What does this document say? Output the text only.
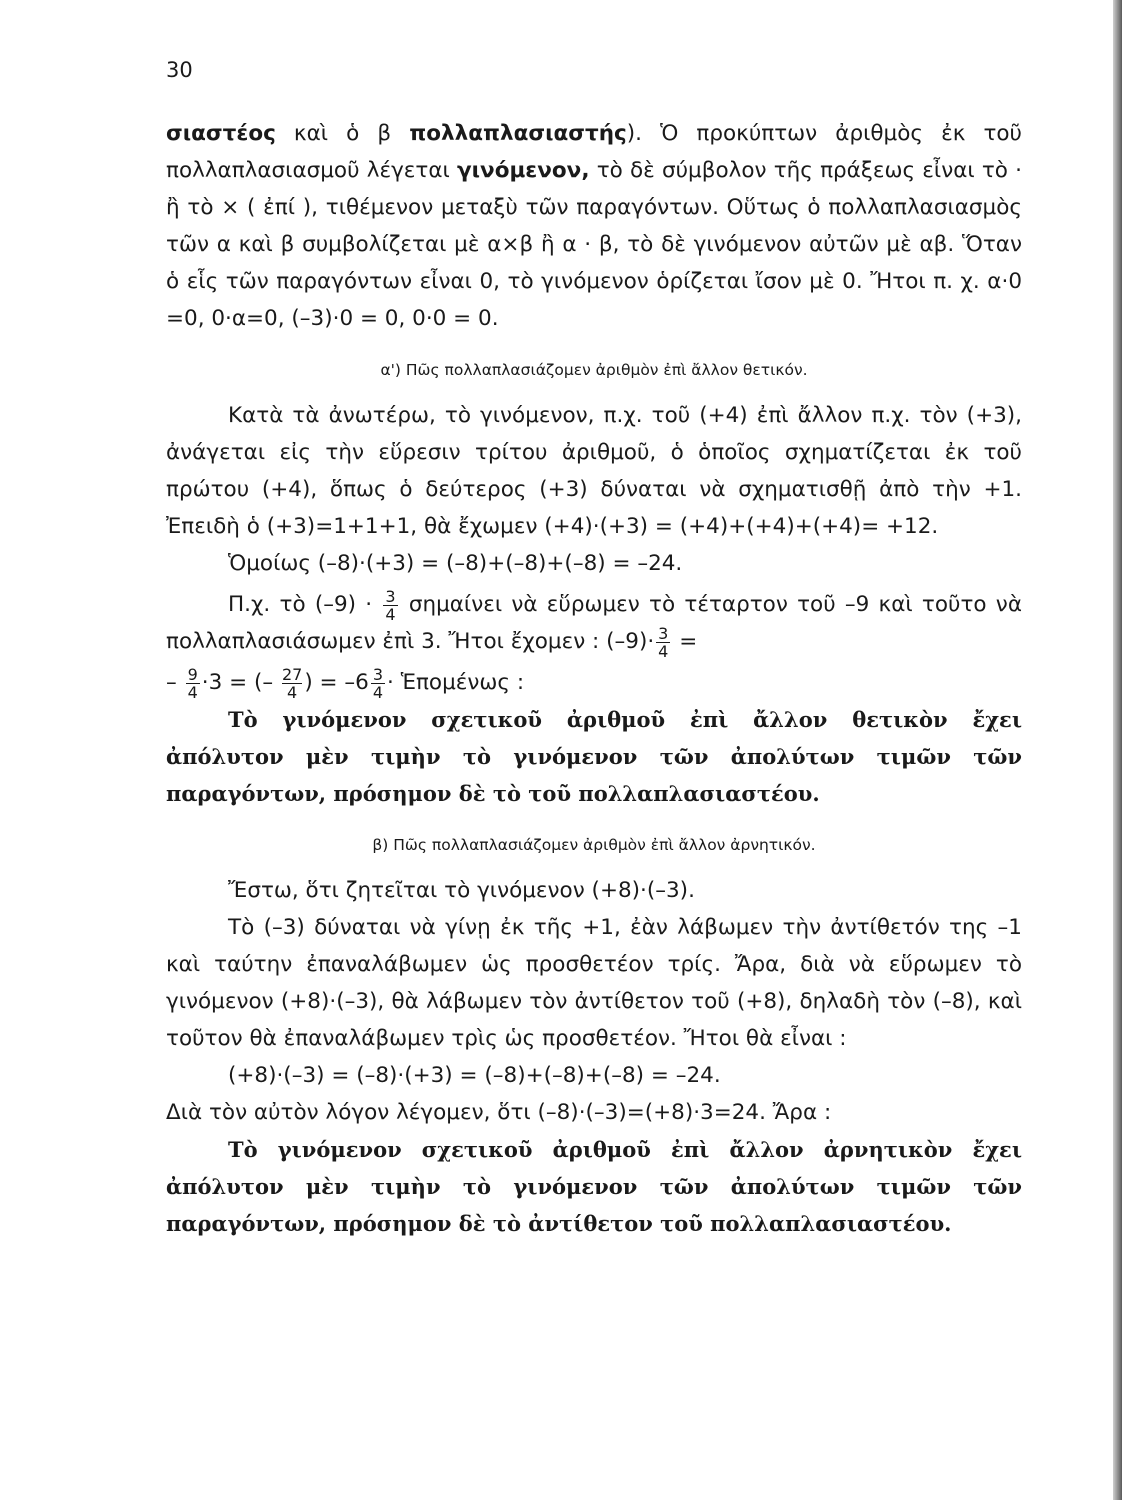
30

σιαστέος καὶ ὁ β πολλαπλασιαστής). Ὁ προκύπτων ἀριθμὸς ἐκ τοῦ πολλαπλασιασμοῦ λέγεται γινόμενον, τὸ δὲ σύμβολον τῆς πράξεως εἶναι τὸ · ἢ τὸ × ( ἐπί ), τιθέμενον μεταξὺ τῶν παραγόντων. Οὕτως ὁ πολλαπλασιασμὸς τῶν α καὶ β συμβολίζεται μὲ α×β ἢ α · β, τὸ δὲ γινόμενον αὐτῶν μὲ αβ. Ὅταν ὁ εἷς τῶν παραγόντων εἶναι 0, τὸ γινόμενον ὁρίζεται ἴσον μὲ 0. Ἤτοι π. χ. α·0 =0, 0·α=0, (–3)·0 = 0, 0·0 = 0.

α') Πῶς πολλαπλασιάζομεν ἀριθμὸν ἐπὶ ἄλλον θετικόν.

Κατὰ τὰ ἀνωτέρω, τὸ γινόμενον, π.χ. τοῦ (+4) ἐπὶ ἄλλον π.χ. τὸν (+3), ἀνάγεται εἰς τὴν εὕρεσιν τρίτου ἀριθμοῦ, ὁ ὁποῖος σχηματίζεται ἐκ τοῦ πρώτου (+4), ὅπως ὁ δεύτερος (+3) δύναται νὰ σχηματισθῇ ἀπὸ τὴν +1. Ἐπειδὴ ὁ (+3)=1+1+1, θὰ ἔχωμεν (+4)·(+3) = (+4)+(+4)+(+4)= +12.

Ὁμοίως (–8)·(+3) = (–8)+(–8)+(–8) = –24.

Π.χ. τὸ $(-9) \cdot \frac{3}{4}$ σημαίνει νὰ εὕρωμεν τὸ τέταρτον τοῦ –9 καὶ τοῦτο νὰ πολλαπλασιάσωμεν ἐπὶ 3. Ἤτοι ἔχομεν : $(-9)\cdot \frac{3}{4}$ =

– $\frac{9}{4} \cdot 3$ = (– $\frac{27}{4}$ ) = $-6 \frac{3}{4}$ · Ἑπομένως :

Τὸ γινόμενον σχετικοῦ ἀριθμοῦ ἐπὶ ἄλλον θετικὸν ἔχει ἀπόλυτον μὲν τιμὴν τὸ γινόμενον τῶν ἀπολύτων τιμῶν τῶν παραγόντων, πρόσημον δὲ τὸ τοῦ πολλαπλασιαστέου.

β) Πῶς πολλαπλασιάζομεν ἀριθμὸν ἐπὶ ἄλλον ἀρνητικόν.

Ἔστω, ὅτι ζητεῖται τὸ γινόμενον (+8)·(–3).

Τὸ (–3) δύναται νὰ γίνῃ ἐκ τῆς +1, ἐὰν λάβωμεν τὴν ἀντίθετόν της –1 καὶ ταύτην ἐπαναλάβωμεν ὡς προσθετέον τρίς. Ἄρα, διὰ νὰ εὕρωμεν τὸ γινόμενον (+8)·(–3), θὰ λάβωμεν τὸν ἀντίθετον τοῦ (+8), δηλαδὴ τὸν (–8), καὶ τοῦτον θὰ ἐπαναλάβωμεν τρὶς ὡς προσθετέον. Ἤτοι θὰ εἶναι :

(+8)·(–3) = (–8)·(+3) = (–8)+(–8)+(–8) = –24.

Διὰ τὸν αὐτὸν λόγον λέγομεν, ὅτι (–8)·(–3)=(+8)·3=24. Ἄρα :

Τὸ γινόμενον σχετικοῦ ἀριθμοῦ ἐπὶ ἄλλον ἀρνητικὸν ἔχει ἀπόλυτον μὲν τιμὴν τὸ γινόμενον τῶν ἀπολύτων τιμῶν τῶν παραγόντων, πρόσημον δὲ τὸ ἀντίθετον τοῦ πολλαπλασιαστέου.
